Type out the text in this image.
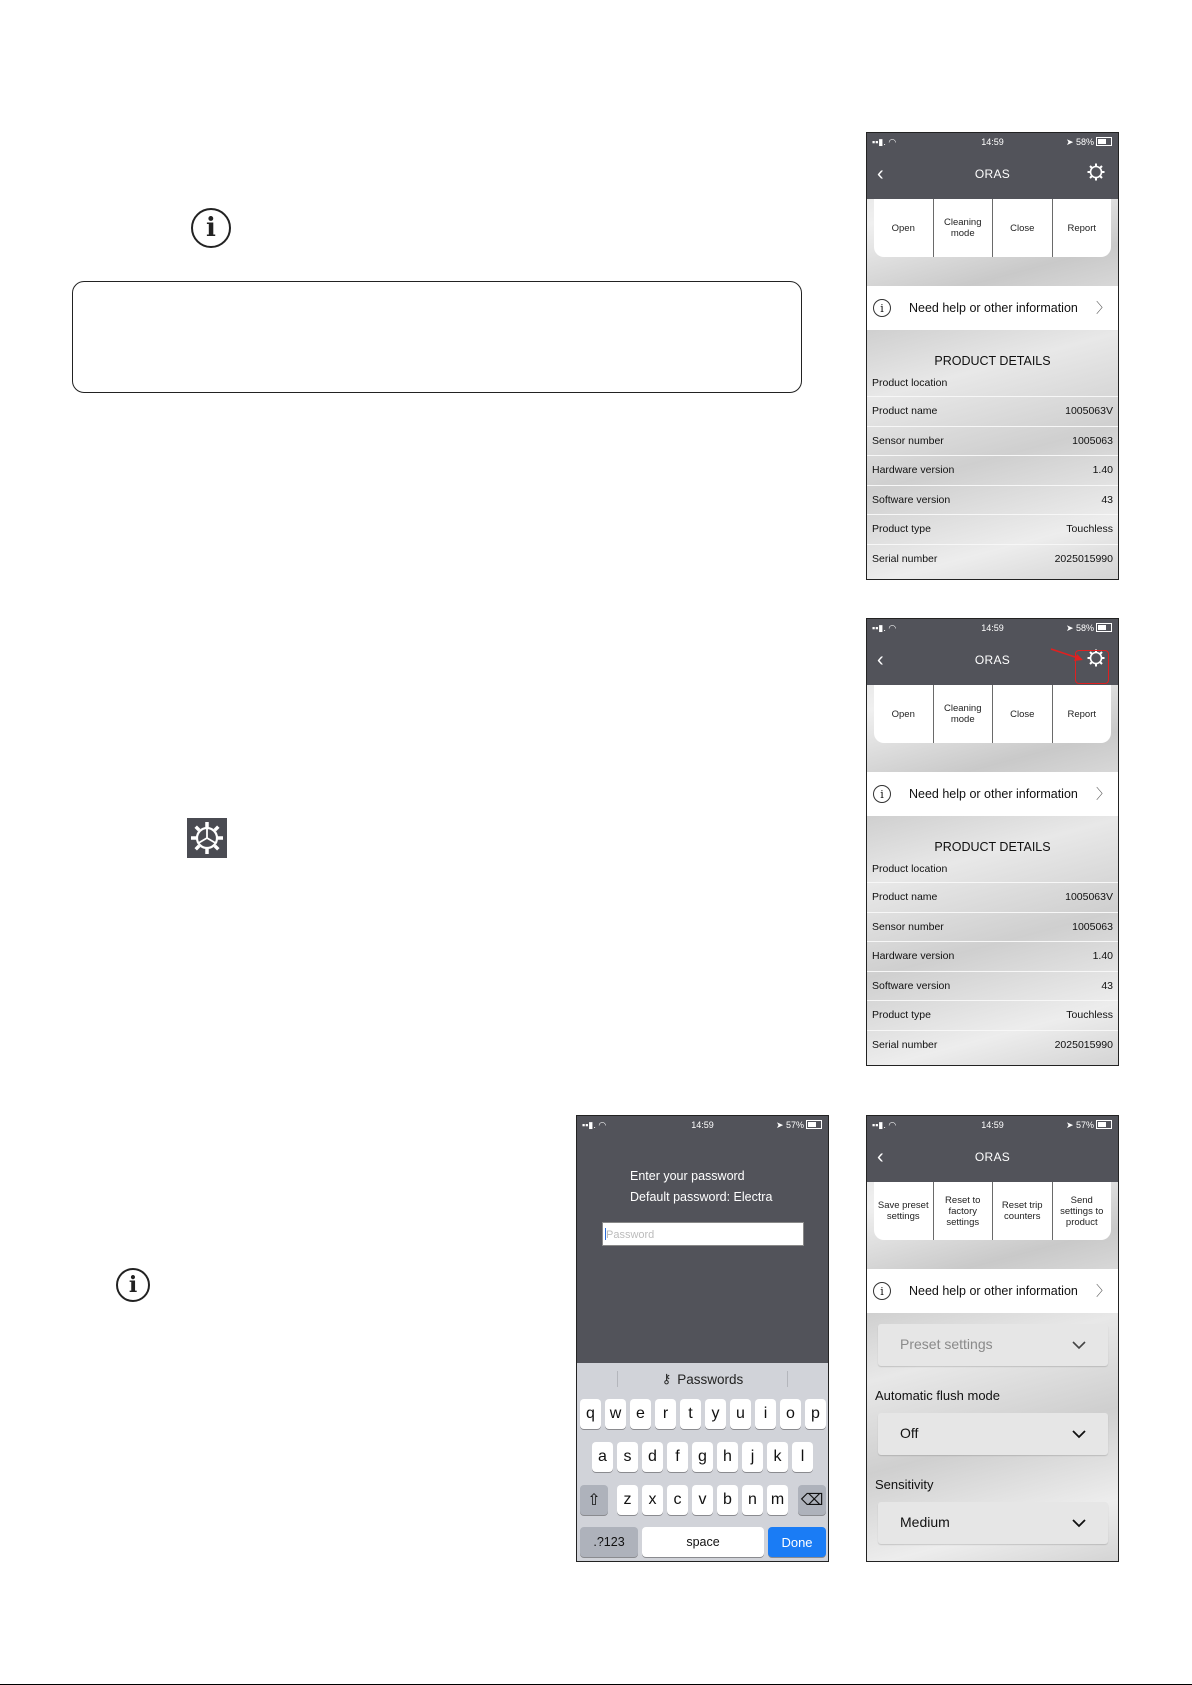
i
i
▪▪▮. ◠	14:59	➤ 58%
‹	ORAS
Open	Cleaning mode	Close	Report
i	Need help or other information	〉
PRODUCT DETAILS
Product location
Product name	1005063V
Sensor number	1005063
Hardware version	1.40
Software version	43
Product type	Touchless
Serial number	2025015990
▪▪▮. ◠	14:59	➤ 58%
‹	ORAS
Open	Cleaning mode	Close	Report
i	Need help or other information	〉
PRODUCT DETAILS
Product location
Product name	1005063V
Sensor number	1005063
Hardware version	1.40
Software version	43
Product type	Touchless
Serial number	2025015990
▪▪▮. ◠	14:59	➤ 57%
Enter your password
Default password: Electra
Password
⚷ Passwords
q w e	r	t	y	u	i	o	p
a	s	d	f	g	h	j	k	l
⇧	z	x	c	v	b	n m ⌫
.?123	space	Done
▪▪▮. ◠	14:59	➤ 57%
‹	ORAS
Save preset settings
Reset to factory settings
Reset trip counters
Send settings to product
i	Need help or other information	〉
Preset settings
Automatic flush mode
Off
Sensitivity
Medium
